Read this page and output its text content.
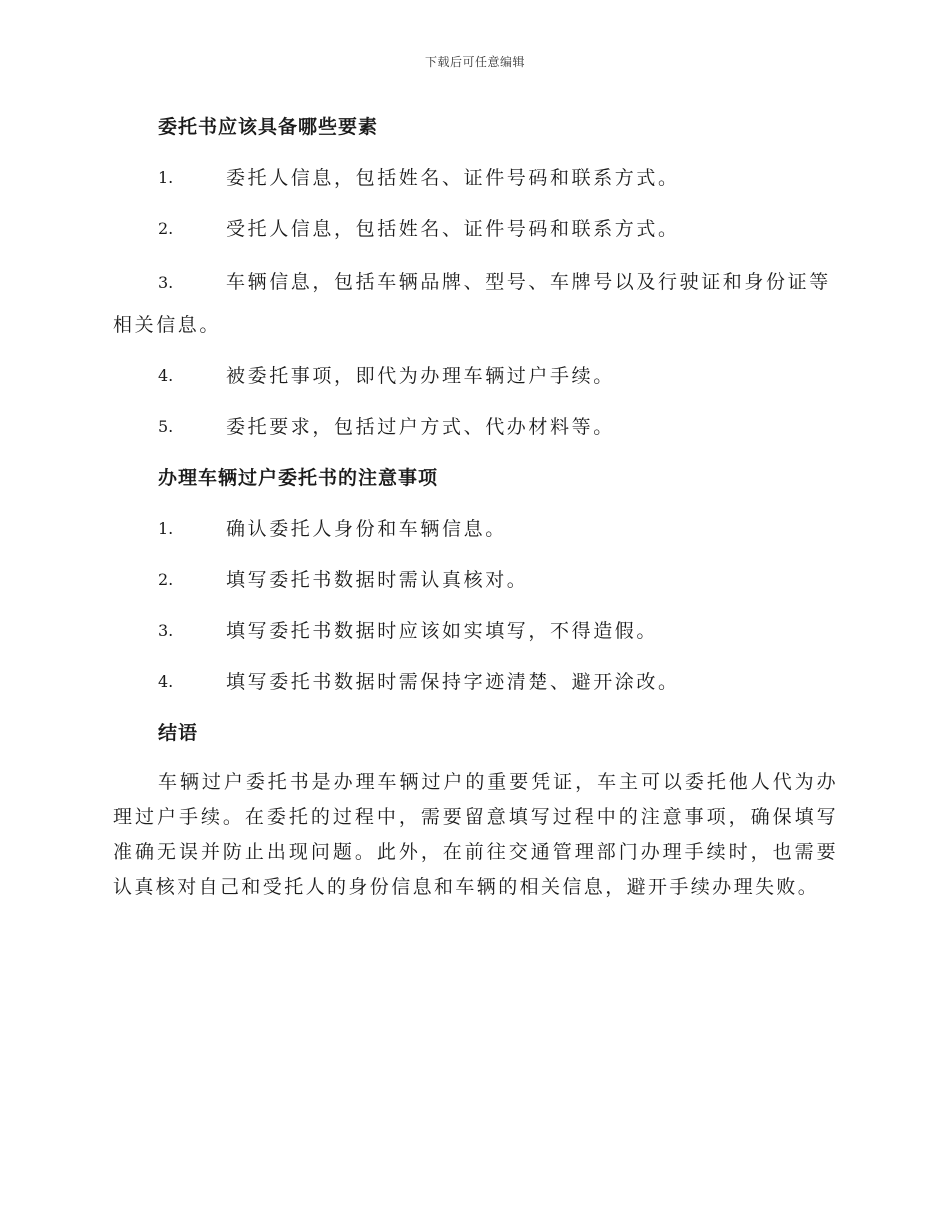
下载后可任意编辑
委托书应该具备哪些要素
1.	委托人信息，包括姓名、证件号码和联系方式。
2.	受托人信息，包括姓名、证件号码和联系方式。

3.	车辆信息，包括车辆品牌、型号、车牌号以及行驶证和身份证等相关信息。

4.	被委托事项，即代为办理车辆过户手续。
5.	委托要求，包括过户方式、代办材料等。
办理车辆过户委托书的注意事项
1.	确认委托人身份和车辆信息。
2.	填写委托书数据时需认真核对。
3.	填写委托书数据时应该如实填写，不得造假。
4.	填写委托书数据时需保持字迹清楚、避开涂改。
结语

车辆过户委托书是办理车辆过户的重要凭证，车主可以委托他人代为办理过户手续。在委托的过程中，需要留意填写过程中的注意事项，确保填写准确无误并防止出现问题。此外，在前往交通管理部门办理手续时，也需要认真核对自己和受托人的身份信息和车辆的相关信息，避开手续办理失败。
